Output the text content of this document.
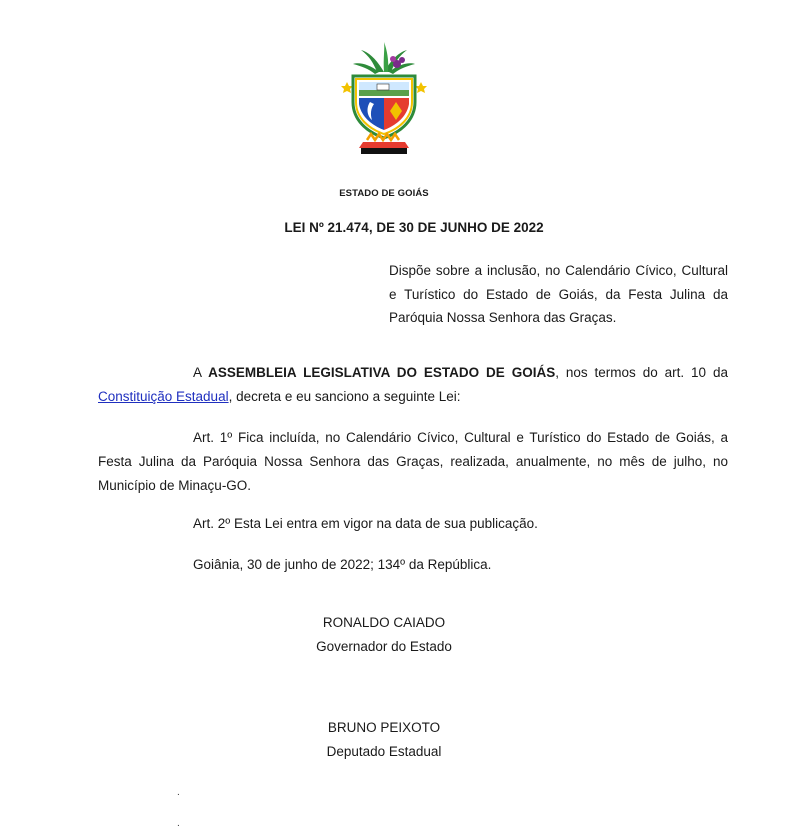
ESTADO DE GOIÁS
LEI Nº 21.474, DE 30 DE JUNHO DE 2022
Dispõe sobre a inclusão, no Calendário Cívico, Cultural e Turístico do Estado de Goiás, da Festa Julina da Paróquia Nossa Senhora das Graças.
A ASSEMBLEIA LEGISLATIVA DO ESTADO DE GOIÁS, nos termos do art. 10 da Constituição Estadual, decreta e eu sanciono a seguinte Lei:
Art. 1º Fica incluída, no Calendário Cívico, Cultural e Turístico do Estado de Goiás, a Festa Julina da Paróquia Nossa Senhora das Graças, realizada, anualmente, no mês de julho, no Município de Minaçu-GO.
Art. 2º Esta Lei entra em vigor na data de sua publicação.
Goiânia, 30 de junho de 2022; 134º da República.
RONALDO CAIADO
Governador do Estado
BRUNO PEIXOTO
Deputado Estadual
.
.
